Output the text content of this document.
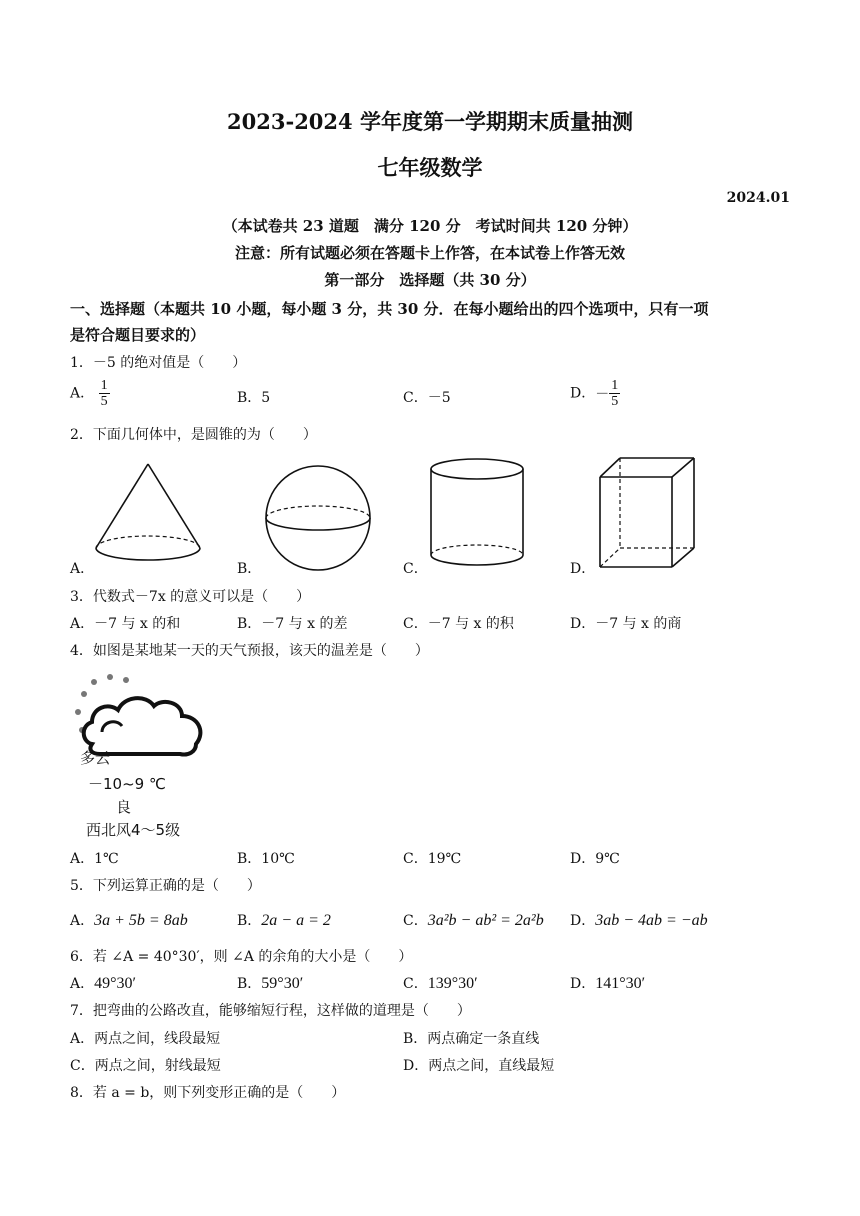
2023-2024 学年度第一学期期末质量抽测
七年级数学
2024.01
（本试卷共 23 道题　满分 120 分　考试时间共 120 分钟）
注意：所有试题必须在答题卡上作答，在本试卷上作答无效
第一部分　选择题（共 30 分）
一、选择题（本题共 10 小题，每小题 3 分，共 30 分．在每小题给出的四个选项中，只有一项
是符合题目要求的）
1．－5 的绝对值是（　　）
A． $\frac{1}{5}$	B．5	C．－5	D．－ $\frac{1}{5}$
2．下面几何体中，是圆锥的为（　　）
A．	B．	C．	D．
3．代数式－7x 的意义可以是（　　）
A．－7 与 x 的和	B．－7 与 x 的差	C．－7 与 x 的积	D．－7 与 x 的商
4．如图是某地某一天的天气预报，该天的温差是（　　）
多云
－10~9 ℃
良
西北风4～5级
A．1℃	B．10℃	C．19℃	D．9℃
5．下列运算正确的是（　　）
A．3a + 5b = 8ab	B．2a − a = 2	C．3a²b − ab² = 2a²b D．3ab − 4ab = −ab
6．若 ∠A = 40°30′，则 ∠A 的余角的大小是（　　）
A．49°30′	B．59°30′	C．139°30′	D．141°30′
7．把弯曲的公路改直，能够缩短行程，这样做的道理是（　　）
A．两点之间，线段最短	B．两点确定一条直线
C．两点之间，射线最短	D．两点之间，直线最短
8．若 a = b，则下列变形正确的是（　　）
